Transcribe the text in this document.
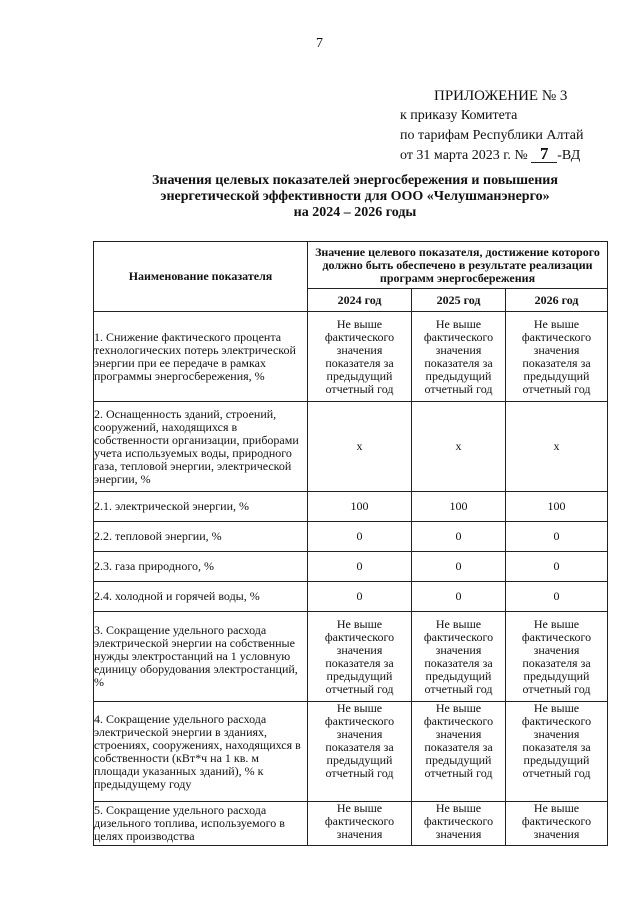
7
ПРИЛОЖЕНИЕ № 3
к приказу Комитета
по тарифам Республики Алтай
от 31 марта 2023 г. № 7 -ВД
Значения целевых показателей энергосбережения и повышения
энергетической эффективности для ООО «Челушманэнерго»
на 2024 – 2026 годы
Наименование показателя	Значение целевого показателя, достижение которого должно быть обеспечено в результате реализации программ энергосбережения		
	2024 год	2025 год	2026 год
1. Снижение фактического процента технологических потерь электрической энергии при ее передаче в рамках программы энергосбережения, %	Не выше фактического значения показателя за предыдущий отчетный год	Не выше фактического значения показателя за предыдущий отчетный год	Не выше фактического значения показателя за предыдущий отчетный год
2. Оснащенность зданий, строений, сооружений, находящихся в собственности организации, приборами учета используемых воды, природного газа, тепловой энергии, электрической энергии, %	х	х	х
2.1. электрической энергии, %	100	100	100
2.2. тепловой энергии, %	0	0	0
2.3. газа природного, %	0	0	0
2.4. холодной и горячей воды, %	0	0	0
3. Сокращение удельного расхода электрической энергии на собственные нужды электростанций на 1 условную единицу оборудования электростанций, %	Не выше фактического значения показателя за предыдущий отчетный год	Не выше фактического значения показателя за предыдущий отчетный год	Не выше фактического значения показателя за предыдущий отчетный год
4. Сокращение удельного расхода электрической энергии в зданиях, строениях, сооружениях, находящихся в собственности (кВт*ч на 1 кв. м площади указанных зданий), % к предыдущему году	Не выше фактического значения показателя за предыдущий отчетный год	Не выше фактического значения показателя за предыдущий отчетный год	Не выше фактического значения показателя за предыдущий отчетный год
5. Сокращение удельного расхода дизельного топлива, используемого в целях производства	Не выше фактического значения	Не выше фактического значения	Не выше фактического значения
